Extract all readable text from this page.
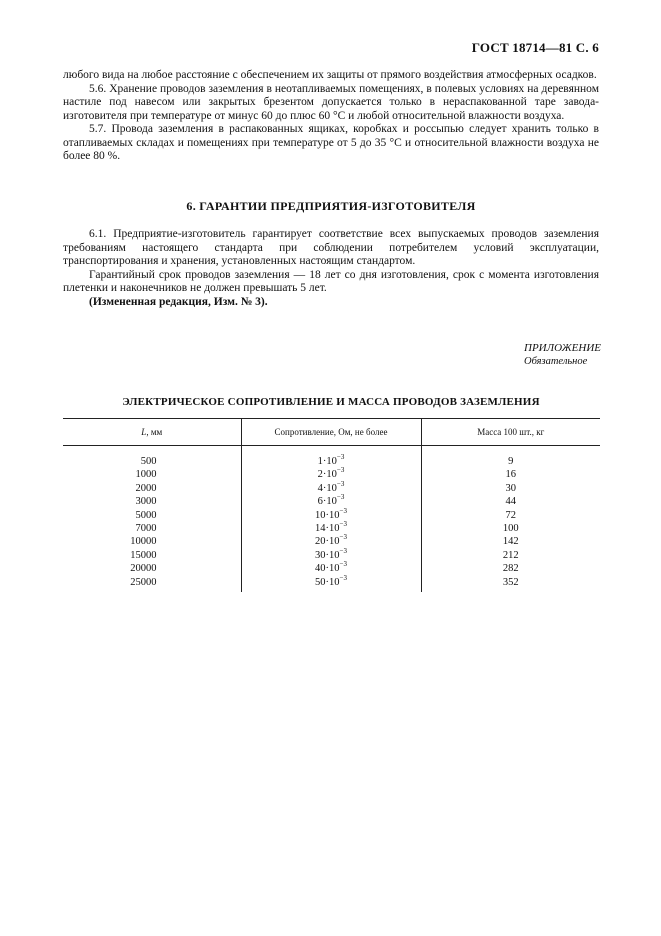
ГОСТ 18714—81 С. 6

любого вида на любое расстояние с обеспечением их защиты от прямого воздействия атмосферных осадков.

5.6. Хранение проводов заземления в неотапливаемых помещениях, в полевых условиях на деревянном настиле под навесом или закрытых брезентом допускается только в нераспакованной таре завода-изготовителя при температуре от минус 60 до плюс 60 °С и любой относительной влажности воздуха.

5.7. Провода заземления в распакованных ящиках, коробках и россыпью следует хранить только в отапливаемых складах и помещениях при температуре от 5 до 35 °С и относительной влажности воздуха не более 80 %.

6. ГАРАНТИИ ПРЕДПРИЯТИЯ-ИЗГОТОВИТЕЛЯ

6.1. Предприятие-изготовитель гарантирует соответствие всех выпускаемых проводов заземления требованиям настоящего стандарта при соблюдении потребителем условий эксплуатации, транспортирования и хранения, установленных настоящим стандартом.

Гарантийный срок проводов заземления — 18 лет со дня изготовления, срок с момента изготовления плетенки и наконечников не должен превышать 5 лет.

(Измененная редакция, Изм. № 3).

ПРИЛОЖЕНИЕ
Обязательное
ЭЛЕКТРИЧЕСКОЕ СОПРОТИВЛЕНИЕ И МАССА ПРОВОДОВ ЗАЗЕМЛЕНИЯ
L, мм	Сопротивление, Ом, не более	Масса 100 шт., кг
500	$1\cdot 10^{-3}$	9
1000	$2\cdot 10^{-3}$	16
2000	$4\cdot 10^{-3}$	30
3000	$6\cdot 10^{-3}$	44
5000	$10\cdot 10^{-3}$	72
7000	$14\cdot 10^{-3}$	100
10000	$20\cdot 10^{-3}$	142
15000	$30\cdot 10^{-3}$	212
20000	$40\cdot 10^{-3}$	282
25000	$50\cdot 10^{-3}$	352
